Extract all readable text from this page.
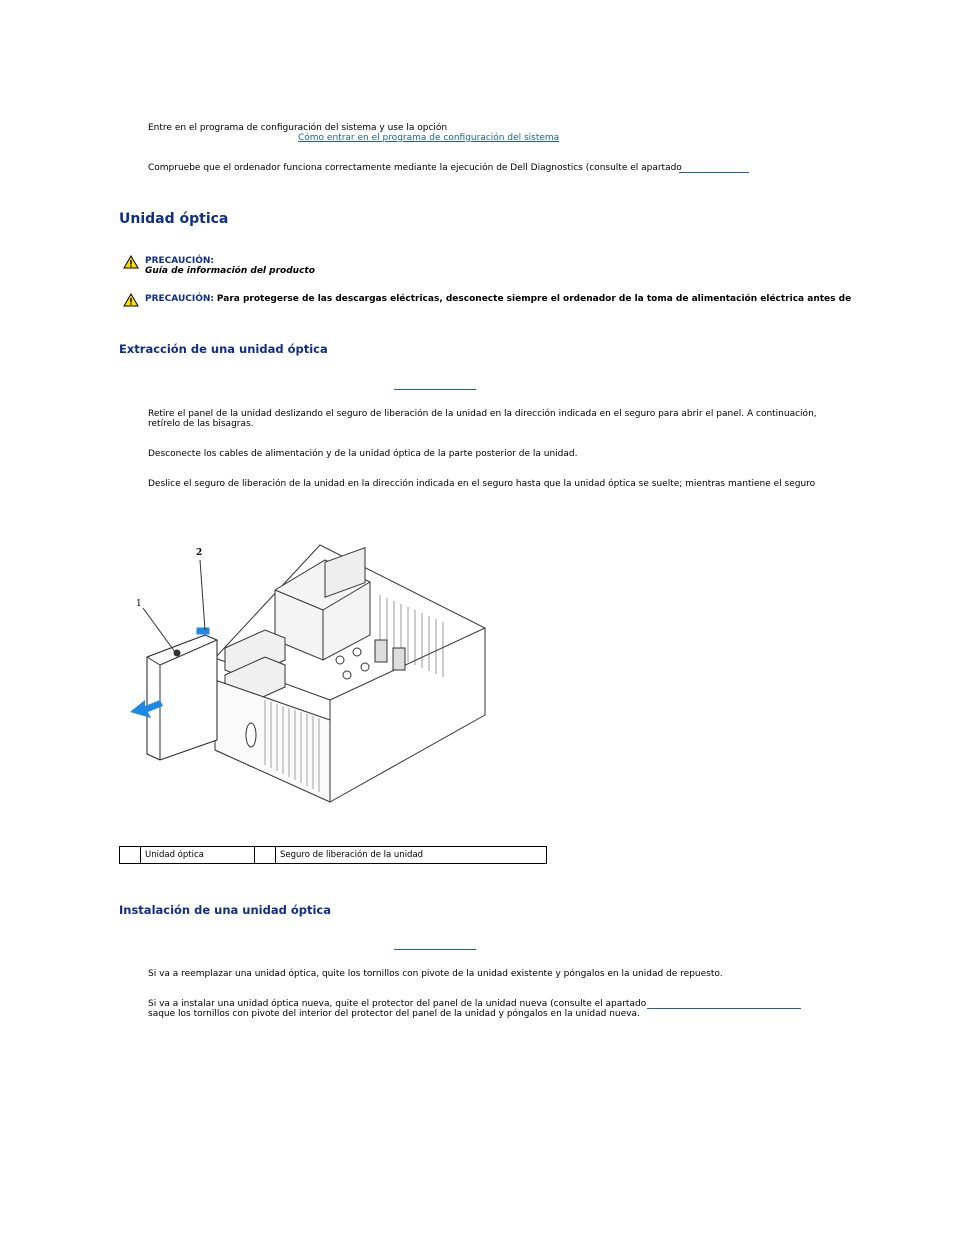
Entre en el programa de configuración del sistema y use la opción
Cómo entrar en el programa de configuración del sistema
Compruebe que el ordenador funciona correctamente mediante la ejecución de Dell Diagnostics (consulte el apartado
Unidad óptica
PRECAUCIÓN:
Guía de información del producto
PRECAUCIÓN: Para protegerse de las descargas eléctricas, desconecte siempre el ordenador de la toma de alimentación eléctrica antes de
Extracción de una unidad óptica
Retire el panel de la unidad deslizando el seguro de liberación de la unidad en la dirección indicada en el seguro para abrir el panel. A continuación,
retírelo de las bisagras.
Desconecte los cables de alimentación y de la unidad óptica de la parte posterior de la unidad.
Deslice el seguro de liberación de la unidad en la dirección indicada en el seguro hasta que la unidad óptica se suelte; mientras mantiene el seguro
2
1
	Unidad óptica		Seguro de liberación de la unidad
Instalación de una unidad óptica
Si va a reemplazar una unidad óptica, quite los tornillos con pivote de la unidad existente y póngalos en la unidad de repuesto.
Si va a instalar una unidad óptica nueva, quite el protector del panel de la unidad nueva (consulte el apartado
saque los tornillos con pivote del interior del protector del panel de la unidad y póngalos en la unidad nueva.
